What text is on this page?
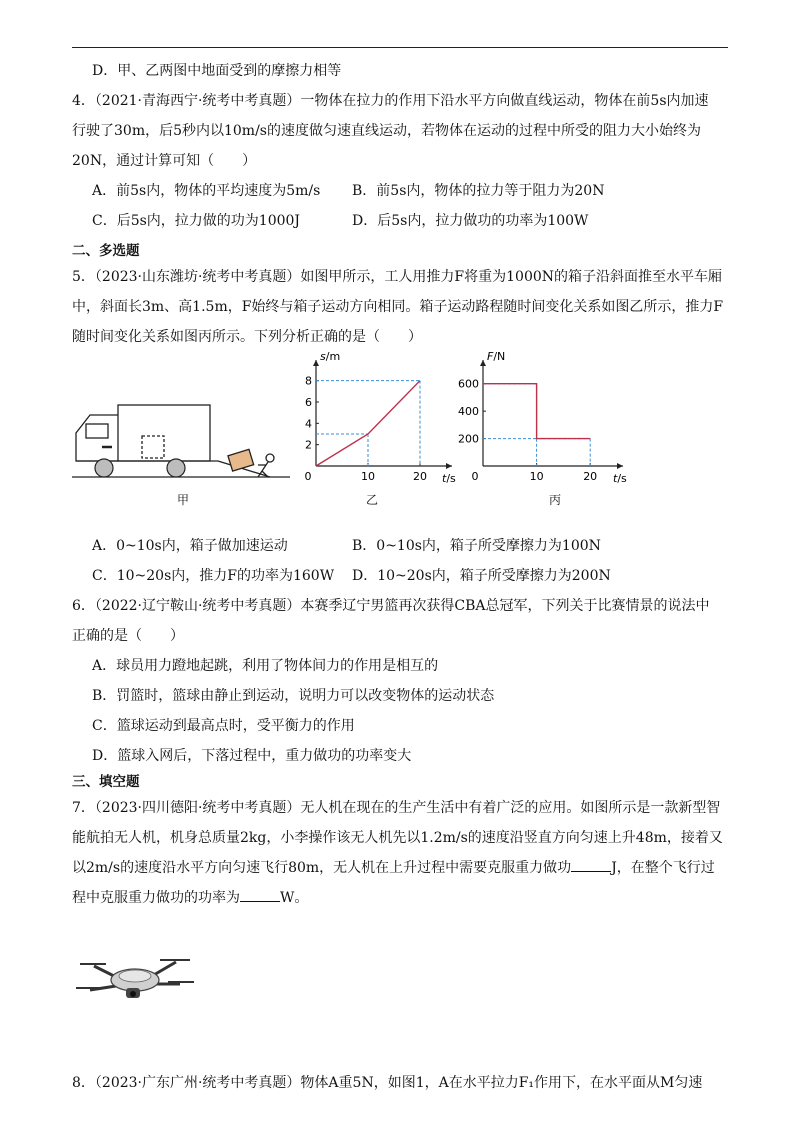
D．甲、乙两图中地面受到的摩擦力相等
4．（2021·青海西宁·统考中考真题）一物体在拉力的作用下沿水平方向做直线运动，物体在前5s内加速
行驶了30m，后5秒内以10m/s的速度做匀速直线运动，若物体在运动的过程中所受的阻力大小始终为
20N，通过计算可知（　　）
A．前5s内，物体的平均速度为5m/s B．前5s内，物体的拉力等于阻力为20N
C．后5s内，拉力做的功为1000J	D．后5s内，拉力做功的功率为100W
二、多选题
5．（2023·山东潍坊·统考中考真题）如图甲所示，工人用推力F将重为1000N的箱子沿斜面推至水平车厢
中，斜面长3m、高1.5m，F始终与箱子运动方向相同。箱子运动路程随时间变化关系如图乙所示，推力F
随时间变化关系如图丙所示。下列分析正确的是（　　）
甲
s/m
t/s
0	10	20
2
4
6
8
乙
F/N
t/s
0	10	20
200
400
600
丙
A．0~10s内，箱子做加速运动	B．0~10s内，箱子所受摩擦力为100N
C．10~20s内，推力F的功率为160W D．10~20s内，箱子所受摩擦力为200N
6．（2022·辽宁鞍山·统考中考真题）本赛季辽宁男篮再次获得CBA总冠军，下列关于比赛情景的说法中
正确的是（　　）
A．球员用力蹬地起跳，利用了物体间力的作用是相互的
B．罚篮时，篮球由静止到运动，说明力可以改变物体的运动状态
C．篮球运动到最高点时，受平衡力的作用
D．篮球入网后，下落过程中，重力做功的功率变大
三、填空题
7．（2023·四川德阳·统考中考真题）无人机在现在的生产生活中有着广泛的应用。如图所示是一款新型智
能航拍无人机，机身总质量2kg，小李操作该无人机先以1.2m/s的速度沿竖直方向匀速上升48m，接着又
以2m/s的速度沿水平方向匀速飞行80m，无人机在上升过程中需要克服重力做功	J，在整个飞行过
程中克服重力做功的功率为	W。
8．（2023·广东广州·统考中考真题）物体A重5N，如图1，A在水平拉力F₁作用下，在水平面从M匀速
